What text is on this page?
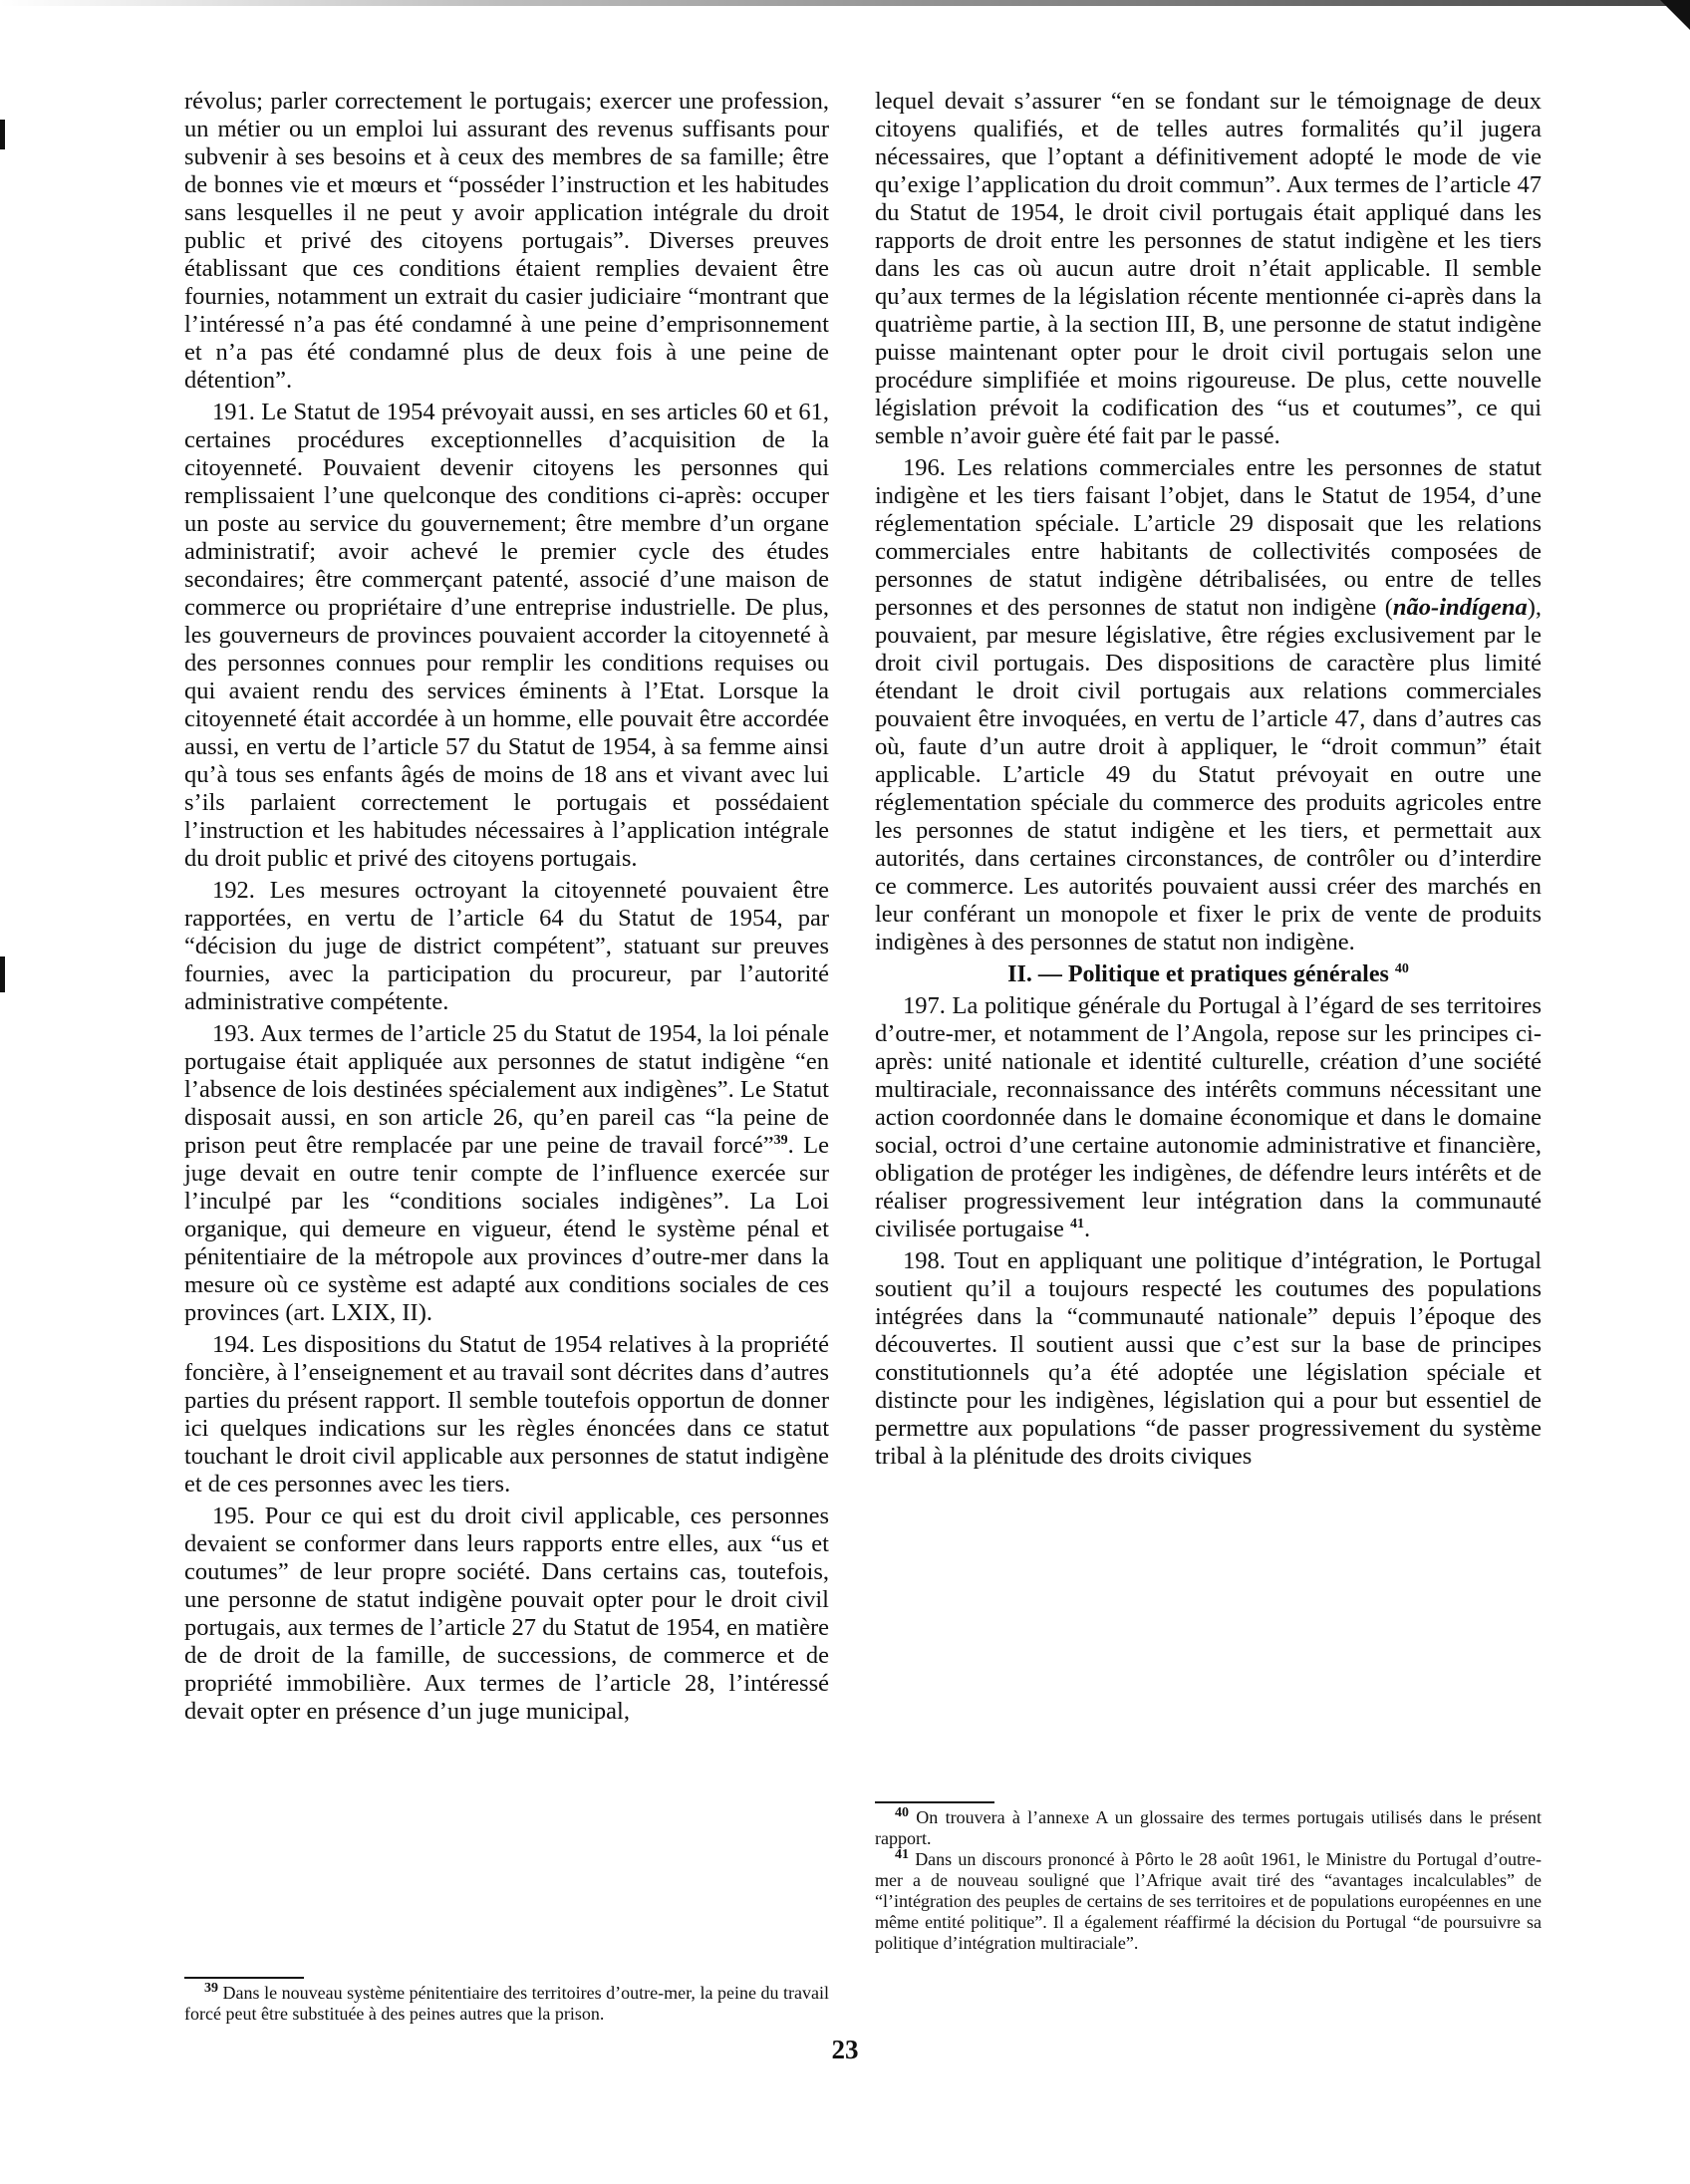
révolus; parler correctement le portugais; exercer une profession, un métier ou un emploi lui assurant des revenus suffisants pour subvenir à ses besoins et à ceux des membres de sa famille; être de bonnes vie et mœurs et “posséder l’instruction et les habitudes sans lesquelles il ne peut y avoir application intégrale du droit public et privé des citoyens portugais”. Diverses preuves établissant que ces conditions étaient remplies devaient être fournies, notamment un extrait du casier judiciaire “montrant que l’intéressé n’a pas été condamné à une peine d’emprisonnement et n’a pas été condamné plus de deux fois à une peine de détention”.

191. Le Statut de 1954 prévoyait aussi, en ses articles 60 et 61, certaines procédures exceptionnelles d’acquisition de la citoyenneté. Pouvaient devenir citoyens les personnes qui remplissaient l’une quelconque des conditions ci-après: occuper un poste au service du gouvernement; être membre d’un organe administratif; avoir achevé le premier cycle des études secondaires; être commerçant patenté, associé d’une maison de commerce ou propriétaire d’une entreprise industrielle. De plus, les gouverneurs de provinces pouvaient accorder la citoyenneté à des personnes connues pour remplir les conditions requises ou qui avaient rendu des services éminents à l’Etat. Lorsque la citoyenneté était accordée à un homme, elle pouvait être accordée aussi, en vertu de l’article 57 du Statut de 1954, à sa femme ainsi qu’à tous ses enfants âgés de moins de 18 ans et vivant avec lui s’ils parlaient correctement le portugais et possédaient l’instruction et les habitudes nécessaires à l’application intégrale du droit public et privé des citoyens portugais.

192. Les mesures octroyant la citoyenneté pouvaient être rapportées, en vertu de l’article 64 du Statut de 1954, par “décision du juge de district compétent”, statuant sur preuves fournies, avec la participation du procureur, par l’autorité administrative compétente.

193. Aux termes de l’article 25 du Statut de 1954, la loi pénale portugaise était appliquée aux personnes de statut indigène “en l’absence de lois destinées spécialement aux indigènes”. Le Statut disposait aussi, en son article 26, qu’en pareil cas “la peine de prison peut être remplacée par une peine de travail forcé”$^{39}$. Le juge devait en outre tenir compte de l’influence exercée sur l’inculpé par les “conditions sociales indigènes”. La Loi organique, qui demeure en vigueur, étend le système pénal et pénitentiaire de la métropole aux provinces d’outre-mer dans la mesure où ce système est adapté aux conditions sociales de ces provinces (art. LXIX, II).

194. Les dispositions du Statut de 1954 relatives à la propriété foncière, à l’enseignement et au travail sont décrites dans d’autres parties du présent rapport. Il semble toutefois opportun de donner ici quelques indications sur les règles énoncées dans ce statut touchant le droit civil applicable aux personnes de statut indigène et de ces personnes avec les tiers.

195. Pour ce qui est du droit civil applicable, ces personnes devaient se conformer dans leurs rapports entre elles, aux “us et coutumes” de leur propre société. Dans certains cas, toutefois, une personne de statut indigène pouvait opter pour le droit civil portugais, aux termes de l’article 27 du Statut de 1954, en matière de de droit de la famille, de successions, de commerce et de propriété immobilière. Aux termes de l’article 28, l’intéressé devait opter en présence d’un juge municipal,

lequel devait s’assurer “en se fondant sur le témoignage de deux citoyens qualifiés, et de telles autres formalités qu’il jugera nécessaires, que l’optant a définitivement adopté le mode de vie qu’exige l’application du droit commun”. Aux termes de l’article 47 du Statut de 1954, le droit civil portugais était appliqué dans les rapports de droit entre les personnes de statut indigène et les tiers dans les cas où aucun autre droit n’était applicable. Il semble qu’aux termes de la législation récente mentionnée ci-après dans la quatrième partie, à la section III, B, une personne de statut indigène puisse maintenant opter pour le droit civil portugais selon une procédure simplifiée et moins rigoureuse. De plus, cette nouvelle législation prévoit la codification des “us et coutumes”, ce qui semble n’avoir guère été fait par le passé.

196. Les relations commerciales entre les personnes de statut indigène et les tiers faisant l’objet, dans le Statut de 1954, d’une réglementation spéciale. L’article 29 disposait que les relations commerciales entre habitants de collectivités composées de personnes de statut indigène détribalisées, ou entre de telles personnes et des personnes de statut non indigène (não-indígena), pouvaient, par mesure législative, être régies exclusivement par le droit civil portugais. Des dispositions de caractère plus limité étendant le droit civil portugais aux relations commerciales pouvaient être invoquées, en vertu de l’article 47, dans d’autres cas où, faute d’un autre droit à appliquer, le “droit commun” était applicable. L’article 49 du Statut prévoyait en outre une réglementation spéciale du commerce des produits agricoles entre les personnes de statut indigène et les tiers, et permettait aux autorités, dans certaines circonstances, de contrôler ou d’interdire ce commerce. Les autorités pouvaient aussi créer des marchés en leur conférant un monopole et fixer le prix de vente de produits indigènes à des personnes de statut non indigène.

II. — Politique et pratiques générales $^{40}$

197. La politique générale du Portugal à l’égard de ses territoires d’outre-mer, et notamment de l’Angola, repose sur les principes ci-après: unité nationale et identité culturelle, création d’une société multiraciale, reconnaissance des intérêts communs nécessitant une action coordonnée dans le domaine économique et dans le domaine social, octroi d’une certaine autonomie administrative et financière, obligation de protéger les indigènes, de défendre leurs intérêts et de réaliser progressivement leur intégration dans la communauté civilisée portugaise $^{41}$.

198. Tout en appliquant une politique d’intégration, le Portugal soutient qu’il a toujours respecté les coutumes des populations intégrées dans la “communauté nationale” depuis l’époque des découvertes. Il soutient aussi que c’est sur la base de principes constitutionnels qu’a été adoptée une législation spéciale et distincte pour les indigènes, législation qui a pour but essentiel de permettre aux populations “de passer progressivement du système tribal à la plénitude des droits civiques

$^{40}$ On trouvera à l’annexe A un glossaire des termes portugais utilisés dans le présent rapport.

$^{41}$ Dans un discours prononcé à Pôrto le 28 août 1961, le Ministre du Portugal d’outre-mer a de nouveau souligné que l’Afrique avait tiré des “avantages incalculables” de “l’intégration des peuples de certains de ses territoires et de populations européennes en une même entité politique”. Il a également réaffirmé la décision du Portugal “de poursuivre sa politique d’intégration multiraciale”.

$^{39}$ Dans le nouveau système pénitentiaire des territoires d’outre-mer, la peine du travail forcé peut être substituée à des peines autres que la prison.

23
